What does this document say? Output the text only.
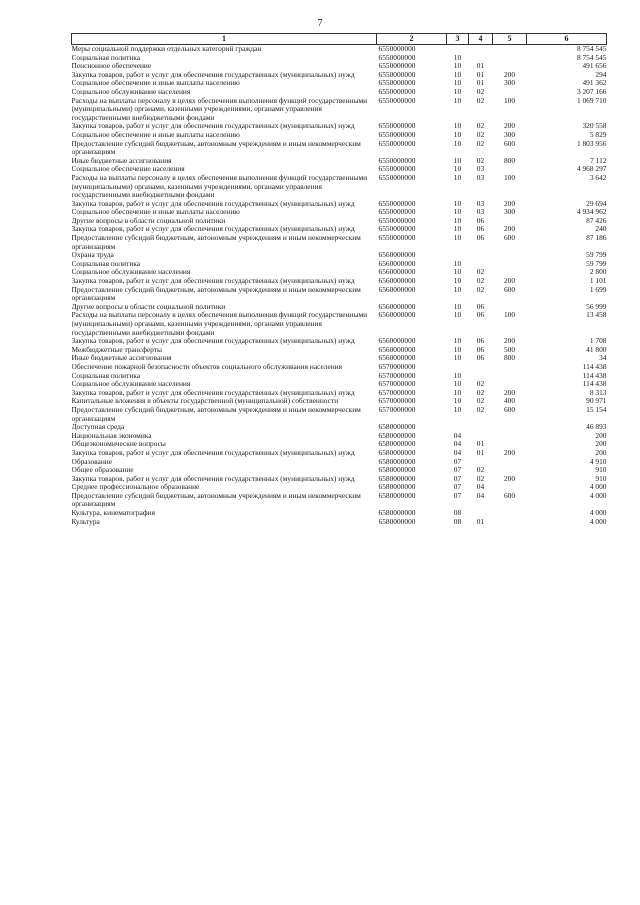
7
1	2	3	4	5	6
Меры социальной поддержки отдельных категорий граждан	6550000000				8 754 545
Социальная политика	6550000000	10			8 754 545
Пенсионное обеспечение	6550000000	10	01		491 656
Закупка товаров, работ и услуг для обеспечения государственных (муниципальных) нужд	6550000000	10	01	200	294
Социальное обеспечение и иные выплаты населению	6550000000	10	01	300	491 362
Социальное обслуживание населения	6550000000	10	02		3 207 166
Расходы на выплаты персоналу в целях обеспечения выполнения функций государственными (муниципальными) органами, казенными учреждениями, органами управления государственными внебюджетными фондами	6550000000	10	02	100	1 069 710
Закупка товаров, работ и услуг для обеспечения государственных (муниципальных) нужд	6550000000	10	02	200	320 558
Социальное обеспечение и иные выплаты населению	6550000000	10	02	300	5 829
Предоставление субсидий бюджетным, автономным учреждениям и иным некоммерческим организациям	6550000000	10	02	600	1 803 956
Иные бюджетные ассигнования	6550000000	10	02	800	7 112
Социальное обеспечение населения	6550000000	10	03		4 968 297
Расходы на выплаты персоналу в целях обеспечения выполнения функций государственными (муниципальными) органами, казенными учреждениями, органами управления государственными внебюджетными фондами	6550000000	10	03	100	3 642
Закупка товаров, работ и услуг для обеспечения государственных (муниципальных) нужд	6550000000	10	03	200	29 694
Социальное обеспечение и иные выплаты населению	6550000000	10	03	300	4 934 962
Другие вопросы в области социальной политики	6550000000	10	06		87 426
Закупка товаров, работ и услуг для обеспечения государственных (муниципальных) нужд	6550000000	10	06	200	240
Предоставление субсидий бюджетным, автономным учреждениям и иным некоммерческим организациям	6550000000	10	06	600	87 186
Охрана труда	6560000000				59 799
Социальная политика	6560000000	10			59 799
Социальное обслуживание населения	6560000000	10	02		2 800
Закупка товаров, работ и услуг для обеспечения государственных (муниципальных) нужд	6560000000	10	02	200	1 101
Предоставление субсидий бюджетным, автономным учреждениям и иным некоммерческим организациям	6560000000	10	02	600	1 699
Другие вопросы в области социальной политики	6560000000	10	06		56 999
Расходы на выплаты персоналу в целях обеспечения выполнения функций государственными (муниципальными) органами, казенными учреждениями, органами управления государственными внебюджетными фондами	6560000000	10	06	100	13 458
Закупка товаров, работ и услуг для обеспечения государственных (муниципальных) нужд	6560000000	10	06	200	1 708
Межбюджетные трансферты	6560000000	10	06	500	41 800
Иные бюджетные ассигнования	6560000000	10	06	800	34
Обеспечение пожарной безопасности объектов социального обслуживания населения	6570000000				114 438
Социальная политика	6570000000	10			114 438
Социальное обслуживание населения	6570000000	10	02		114 438
Закупка товаров, работ и услуг для обеспечения государственных (муниципальных) нужд	6570000000	10	02	200	8 313
Капитальные вложения в объекты государственной (муниципальной) собственности	6570000000	10	02	400	90 971
Предоставление субсидий бюджетным, автономным учреждениям и иным некоммерческим организациям	6570000000	10	02	600	15 154
Доступная среда	6580000000				46 893
Национальная экономика	6580000000	04			200
Общеэкономические вопросы	6580000000	04	01		200
Закупка товаров, работ и услуг для обеспечения государственных (муниципальных) нужд	6580000000	04	01	200	200
Образование	6580000000	07			4 910
Общее образование	6580000000	07	02		910
Закупка товаров, работ и услуг для обеспечения государственных (муниципальных) нужд	6580000000	07	02	200	910
Среднее профессиональное образование	6580000000	07	04		4 000
Предоставление субсидий бюджетным, автономным учреждениям и иным некоммерческим организациям	6580000000	07	04	600	4 000
Культура, кинематография	6580000000	08			4 000
Культура	6580000000	08	01		4 000
